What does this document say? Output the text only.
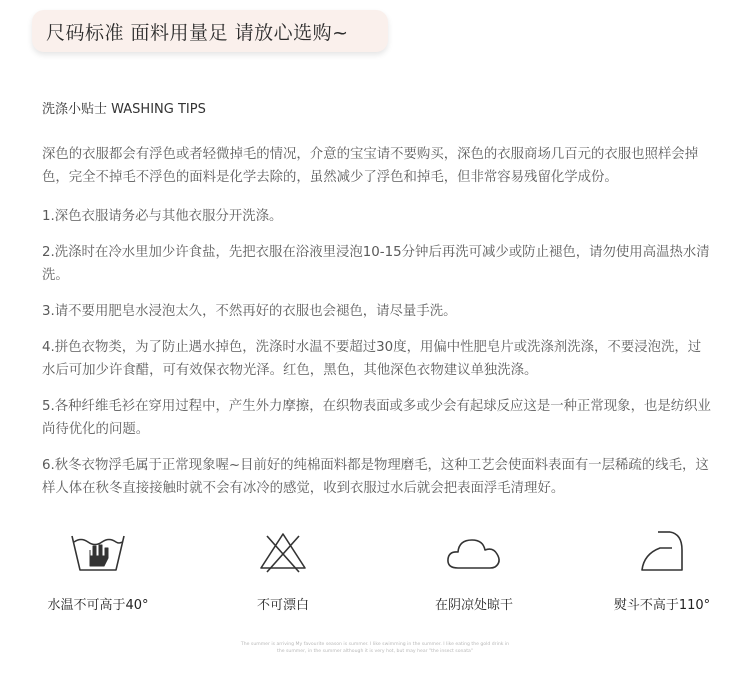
尺码标准 面料用量足 请放心选购~
洗涤小贴士 WASHING TIPS

深色的衣服都会有浮色或者轻微掉毛的情况，介意的宝宝请不要购买，深色的衣服商场几百元的衣服也照样会掉色，完全不掉毛不浮色的面料是化学去除的，虽然减少了浮色和掉毛，但非常容易残留化学成份。

1.深色衣服请务必与其他衣服分开洗涤。

2.洗涤时在冷水里加少许食盐，先把衣服在浴液里浸泡10-15分钟后再洗可减少或防止褪色，请勿使用高温热水清洗。

3.请不要用肥皂水浸泡太久，不然再好的衣服也会褪色，请尽量手洗。

4.拼色衣物类，为了防止遇水掉色，洗涤时水温不要超过30度，用偏中性肥皂片或洗涤剂洗涤，不要浸泡洗，过水后可加少许食醋，可有效保衣物光泽。红色，黑色，其他深色衣物建议单独洗涤。

5.各种纤维毛衫在穿用过程中，产生外力摩擦，在织物表面或多或少会有起球反应这是一种正常现象，也是纺织业尚待优化的问题。

6.秋冬衣物浮毛属于正常现象喔~目前好的纯棉面料都是物理磨毛，这种工艺会使面料表面有一层稀疏的线毛，这样人体在秋冬直接接触时就不会有冰冷的感觉，收到衣服过水后就会把表面浮毛清理好。

水温不可高于40°	不可漂白	在阴凉处晾干	熨斗不高于110°
The summer is arriving My favourite season is summer. I like swimming in the summer. I like eating the gold drink in
the summer, in the summer although it is very hot, but may hear "the insect sonata"
